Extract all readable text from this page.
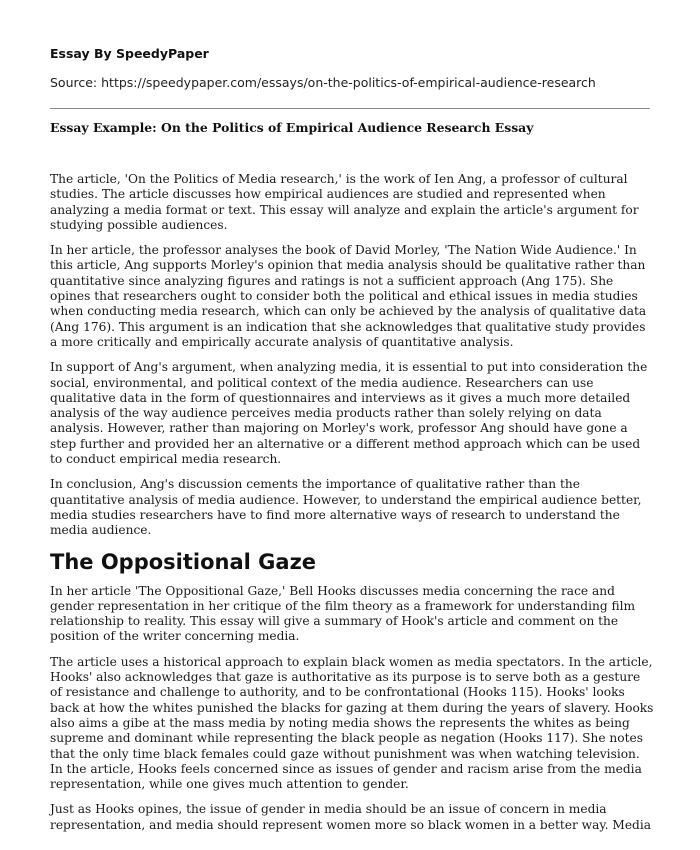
Essay By SpeedyPaper
Source: https://speedypaper.com/essays/on-the-politics-of-empirical-audience-research
Essay Example: On the Politics of Empirical Audience Research Essay

The article, 'On the Politics of Media research,' is the work of Ien Ang, a professor of cultural studies. The article discusses how empirical audiences are studied and represented when analyzing a media format or text. This essay will analyze and explain the article's argument for studying possible audiences.

In her article, the professor analyses the book of David Morley, 'The Nation Wide Audience.' In this article, Ang supports Morley's opinion that media analysis should be qualitative rather than quantitative since analyzing figures and ratings is not a sufficient approach (Ang 175). She opines that researchers ought to consider both the political and ethical issues in media studies when conducting media research, which can only be achieved by the analysis of qualitative data (Ang 176). This argument is an indication that she acknowledges that qualitative study provides a more critically and empirically accurate analysis of quantitative analysis.

In support of Ang's argument, when analyzing media, it is essential to put into consideration the social, environmental, and political context of the media audience. Researchers can use qualitative data in the form of questionnaires and interviews as it gives a much more detailed analysis of the way audience perceives media products rather than solely relying on data analysis. However, rather than majoring on Morley's work, professor Ang should have gone a step further and provided her an alternative or a different method approach which can be used to conduct empirical media research.

In conclusion, Ang's discussion cements the importance of qualitative rather than the quantitative analysis of media audience. However, to understand the empirical audience better, media studies researchers have to find more alternative ways of research to understand the media audience.

The Oppositional Gaze

In her article 'The Oppositional Gaze,' Bell Hooks discusses media concerning the race and gender representation in her critique of the film theory as a framework for understanding film relationship to reality. This essay will give a summary of Hook's article and comment on the position of the writer concerning media.

The article uses a historical approach to explain black women as media spectators. In the article, Hooks' also acknowledges that gaze is authoritative as its purpose is to serve both as a gesture of resistance and challenge to authority, and to be confrontational (Hooks 115). Hooks' looks back at how the whites punished the blacks for gazing at them during the years of slavery. Hooks also aims a gibe at the mass media by noting media shows the represents the whites as being supreme and dominant while representing the black people as negation (Hooks 117). She notes that the only time black females could gaze without punishment was when watching television. In the article, Hooks feels concerned since as issues of gender and racism arise from the media representation, while one gives much attention to gender.

Just as Hooks opines, the issue of gender in media should be an issue of concern in media representation, and media should represent women more so black women in a better way. Media
